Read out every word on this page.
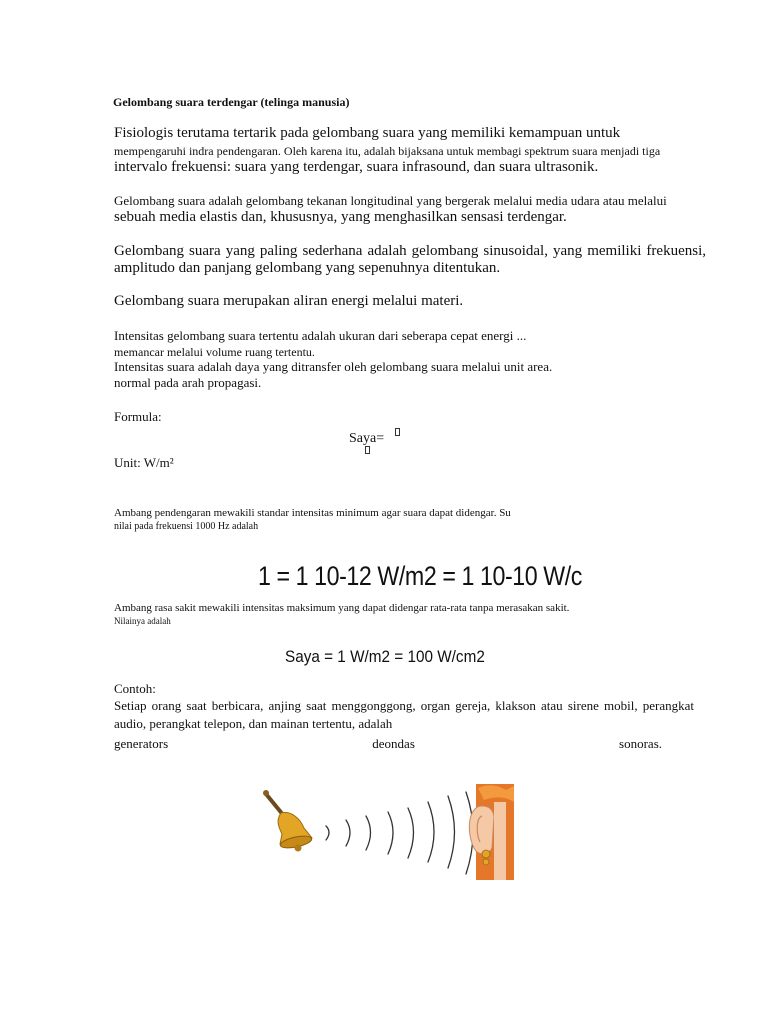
Gelombang suara terdengar (telinga manusia)
Fisiologis terutama tertarik pada gelombang suara yang memiliki kemampuan untuk
mempengaruhi indra pendengaran. Oleh karena itu, adalah bijaksana untuk membagi spektrum suara menjadi tiga
intervalo frekuensi: suara yang terdengar, suara infrasound, dan suara ultrasonik.
Gelombang suara adalah gelombang tekanan longitudinal yang bergerak melalui media udara atau melalui
sebuah media elastis dan, khususnya, yang menghasilkan sensasi terdengar.
Gelombang suara yang paling sederhana adalah gelombang sinusoidal, yang memiliki frekuensi, amplitudo dan panjang gelombang yang sepenuhnya ditentukan.
Gelombang suara merupakan aliran energi melalui materi.
Intensitas gelombang suara tertentu adalah ukuran dari seberapa cepat energi ...
memancar melalui volume ruang tertentu.
Intensitas suara adalah daya yang ditransfer oleh gelombang suara melalui unit area.
normal pada arah propagasi.
Formula:
Saya=
Unit: W/m²
Ambang pendengaran mewakili standar intensitas minimum agar suara dapat didengar. Su
nilai pada frekuensi 1000 Hz adalah
1 = 1 10-12 W/m2 = 1 10-10 W/c
Ambang rasa sakit mewakili intensitas maksimum yang dapat didengar rata-rata tanpa merasakan sakit.
Nilainya adalah
Saya = 1 W/m2 = 100 W/cm2
Contoh:
Setiap orang saat berbicara, anjing saat menggonggong, organ gereja, klakson atau sirene mobil, perangkat audio, perangkat telepon, dan mainan tertentu, adalah
generators	deondas	sonoras.
